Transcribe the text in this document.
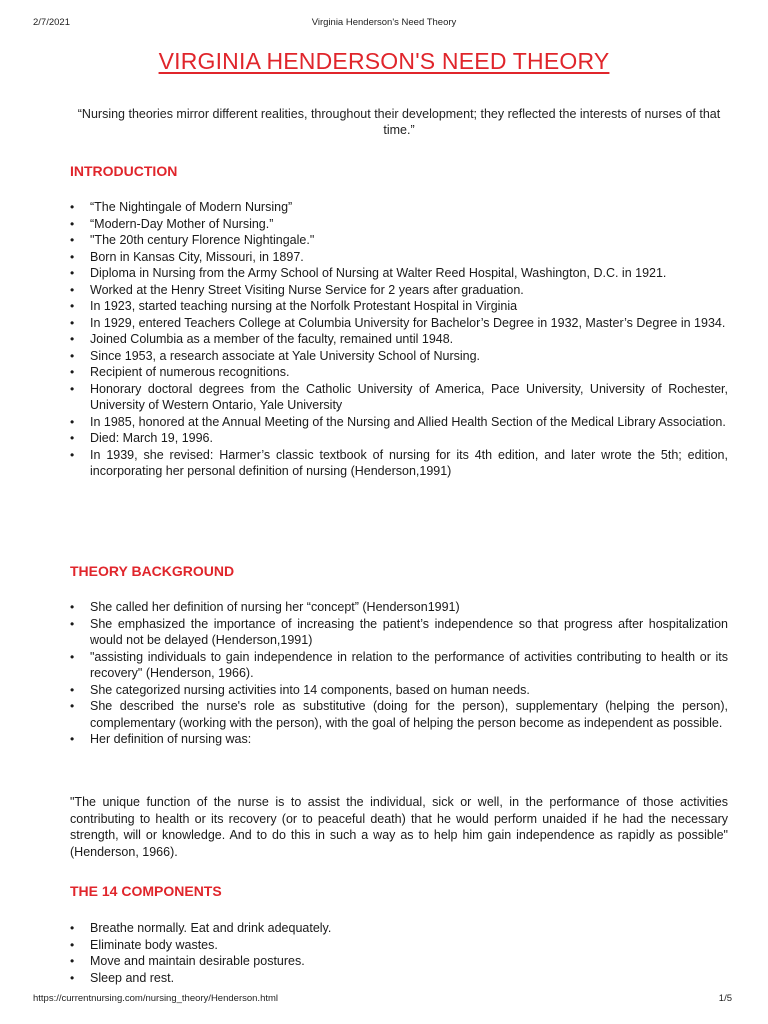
2/7/2021	Virginia Henderson's Need Theory
VIRGINIA HENDERSON'S NEED THEORY

“Nursing theories mirror different realities, throughout their development; they reflected the interests of nurses of that time.”

INTRODUCTION
• “The Nightingale of Modern Nursing”
• “Modern-Day Mother of Nursing.”
• "The 20th century Florence Nightingale."
• Born in Kansas City, Missouri, in 1897.
• Diploma in Nursing from the Army School of Nursing at Walter Reed Hospital, Washington, D.C. in 1921.
• Worked at the Henry Street Visiting Nurse Service for 2 years after graduation.
• In 1923, started teaching nursing at the Norfolk Protestant Hospital in Virginia
• In 1929, entered Teachers College at Columbia University for Bachelor’s Degree in 1932, Master’s Degree in 1934.
• Joined Columbia as a member of the faculty, remained until 1948.
• Since 1953, a research associate at Yale University School of Nursing.
• Recipient of numerous recognitions.
• Honorary doctoral degrees from the Catholic University of America, Pace University, University of Rochester, University of Western Ontario, Yale University
• In 1985, honored at the Annual Meeting of the Nursing and Allied Health Section of the Medical Library Association.
• Died: March 19, 1996.
• In 1939, she revised: Harmer’s classic textbook of nursing for its 4th edition, and later wrote the 5th; edition, incorporating her personal definition of nursing (Henderson,1991)
THEORY BACKGROUND
• She called her definition of nursing her “concept” (Henderson1991)
• She emphasized the importance of increasing the patient’s independence so that progress after hospitalization would not be delayed (Henderson,1991)
• "assisting individuals to gain independence in relation to the performance of activities contributing to health or its recovery" (Henderson, 1966).
• She categorized nursing activities into 14 components, based on human needs.
• She described the nurse's role as substitutive (doing for the person), supplementary (helping the person), complementary (working with the person), with the goal of helping the person become as independent as possible.
• Her definition of nursing was:

"The unique function of the nurse is to assist the individual, sick or well, in the performance of those activities contributing to health or its recovery (or to peaceful death) that he would perform unaided if he had the necessary strength, will or knowledge. And to do this in such a way as to help him gain independence as rapidly as possible" (Henderson, 1966).

THE 14 COMPONENTS
• Breathe normally. Eat and drink adequately.
• Eliminate body wastes.
• Move and maintain desirable postures.
• Sleep and rest.
https://currentnursing.com/nursing_theory/Henderson.html	1/5
